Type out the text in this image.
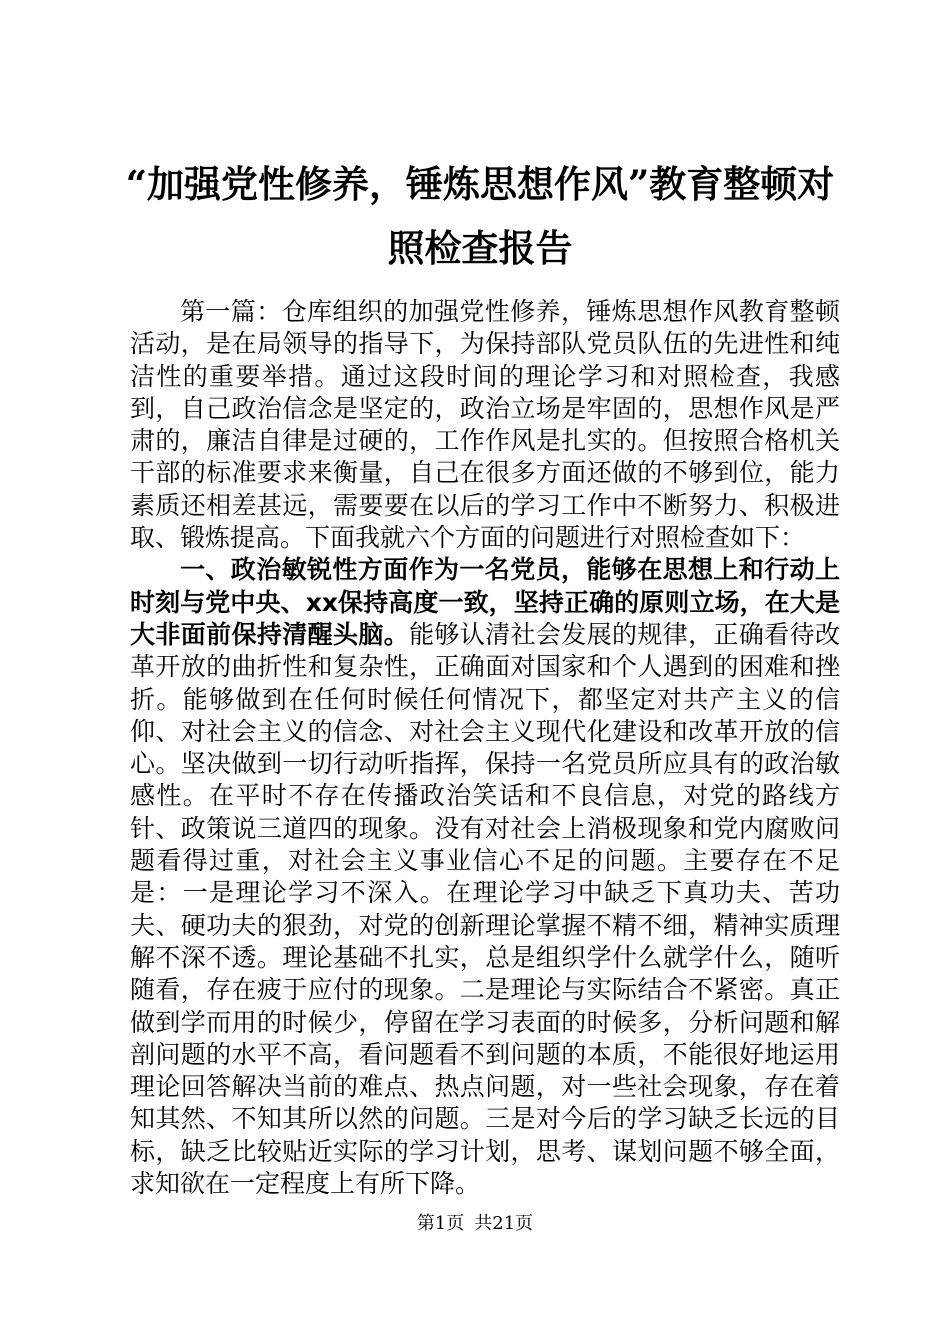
“加强党性修养，锤炼思想作风”教育整顿对照检查报告

第一篇：仓库组织的加强党性修养，锤炼思想作风教育整顿活动，是在局领导的指导下，为保持部队党员队伍的先进性和纯洁性的重要举措。通过这段时间的理论学习和对照检查，我感到，自己政治信念是坚定的，政治立场是牢固的，思想作风是严肃的，廉洁自律是过硬的，工作作风是扎实的。但按照合格机关干部的标准要求来衡量，自己在很多方面还做的不够到位，能力素质还相差甚远，需要要在以后的学习工作中不断努力、积极进取、锻炼提高。下面我就六个方面的问题进行对照检查如下：

一、政治敏锐性方面作为一名党员，能够在思想上和行动上时刻与党中央、xx保持高度一致，坚持正确的原则立场，在大是大非面前保持清醒头脑。能够认清社会发展的规律，正确看待改革开放的曲折性和复杂性，正确面对国家和个人遇到的困难和挫折。能够做到在任何时候任何情况下，都坚定对共产主义的信仰、对社会主义的信念、对社会主义现代化建设和改革开放的信心。坚决做到一切行动听指挥，保持一名党员所应具有的政治敏感性。在平时不存在传播政治笑话和不良信息，对党的路线方针、政策说三道四的现象。没有对社会上消极现象和党内腐败问题看得过重，对社会主义事业信心不足的问题。主要存在不足是：一是理论学习不深入。在理论学习中缺乏下真功夫、苦功夫、硬功夫的狠劲，对党的创新理论掌握不精不细，精神实质理解不深不透。理论基础不扎实，总是组织学什么就学什么，随听随看，存在疲于应付的现象。二是理论与实际结合不紧密。真正做到学而用的时候少，停留在学习表面的时候多，分析问题和解剖问题的水平不高，看问题看不到问题的本质，不能很好地运用理论回答解决当前的难点、热点问题，对一些社会现象，存在着知其然、不知其所以然的问题。三是对今后的学习缺乏长远的目标，缺乏比较贴近实际的学习计划，思考、谋划问题不够全面，求知欲在一定程度上有所下降。

第1页 共21页
